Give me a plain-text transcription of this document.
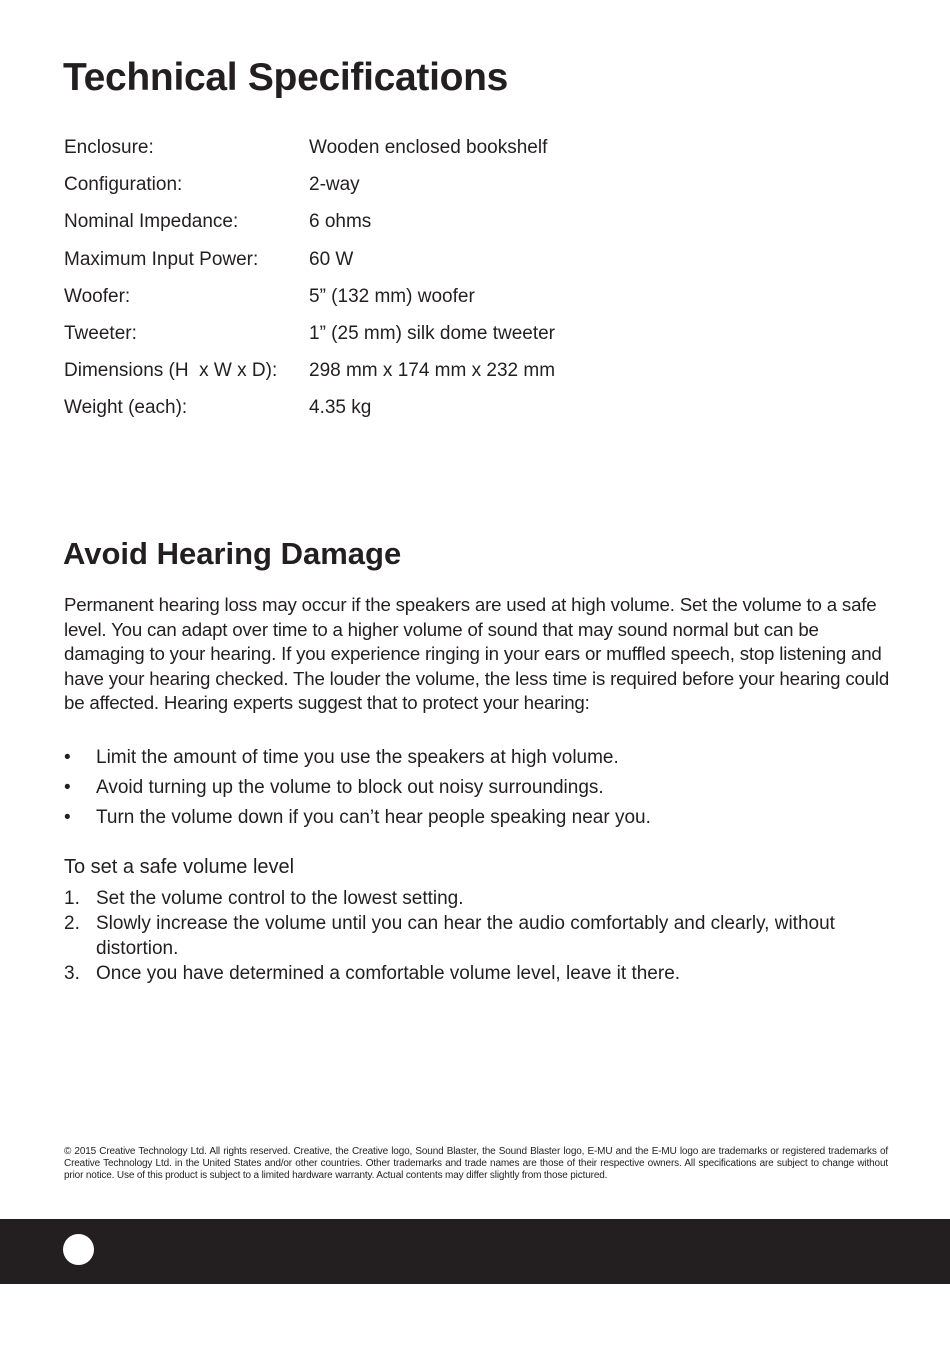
Technical Specifications
Enclosure:	Wooden enclosed bookshelf
Configuration:	2-way
Nominal Impedance:	6 ohms
Maximum Input Power:	60 W
Woofer:	5” (132 mm) woofer
Tweeter:	1” (25 mm) silk dome tweeter
Dimensions (H  x W x D):	298 mm x 174 mm x 232 mm
Weight (each):	4.35 kg
Avoid Hearing Damage

Permanent hearing loss may occur if the speakers are used at high volume. Set the volume to a safe level. You can adapt over time to a higher volume of sound that may sound normal but can be damaging to your hearing. If you experience ringing in your ears or muffled speech, stop listening and have your hearing checked. The louder the volume, the less time is required before your hearing could be affected. Hearing experts suggest that to protect your hearing:

•	Limit the amount of time you use the speakers at high volume.
•	Avoid turning up the volume to block out noisy surroundings.
•	Turn the volume down if you can’t hear people speaking near you.
To set a safe volume level
1. Set the volume control to the lowest setting.
2. Slowly increase the volume until you can hear the audio comfortably and clearly, without distortion.
3. Once you have determined a comfortable volume level, leave it there.

© 2015 Creative Technology Ltd. All rights reserved. Creative, the Creative logo, Sound Blaster, the Sound Blaster logo, E-MU and the E-MU logo are trademarks or registered trademarks of Creative Technology Ltd. in the United States and/or other countries. Other trademarks and trade names are those of their respective owners. All specifications are subject to change without prior notice. Use of this product is subject to a limited hardware warranty. Actual contents may differ slightly from those pictured.
